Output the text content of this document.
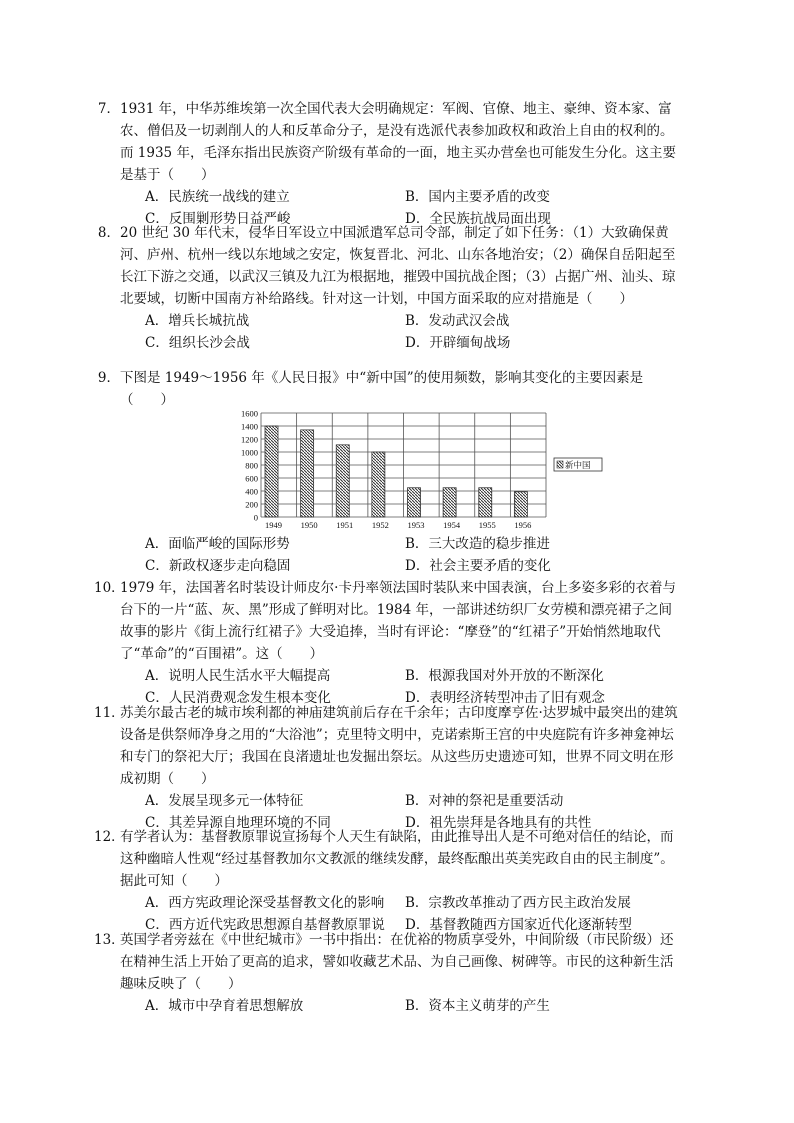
7．1931 年，中华苏维埃第一次全国代表大会明确规定：军阀、官僚、地主、豪绅、资本家、富农、僧侣及一切剥削人的人和反革命分子，是没有选派代表参加政权和政治上自由的权利的。而 1935 年，毛泽东指出民族资产阶级有革命的一面，地主买办营垒也可能发生分化。这主要是基于（　　）
A．民族统一战线的建立	B．国内主要矛盾的改变
C．反围剿形势日益严峻	D．全民族抗战局面出现
8．20 世纪 30 年代末，侵华日军设立中国派遣军总司令部，制定了如下任务：（1）大致确保黄河、庐州、杭州一线以东地域之安定，恢复晋北、河北、山东各地治安；（2）确保自岳阳起至长江下游之交通，以武汉三镇及九江为根据地，摧毁中国抗战企图；（3）占据广州、汕头、琼北要域，切断中国南方补给路线。针对这一计划，中国方面采取的应对措施是（　　）
A．增兵长城抗战	B．发动武汉会战
C．组织长沙会战	D．开辟缅甸战场
9．下图是 1949～1956 年《人民日报》中“新中国”的使用频数，影响其变化的主要因素是（　　）
0
200
400
600
800
1000
1200
1400
1600
1949 1950 1951 1952 1953 1954 1955 1956
新中国
A．面临严峻的国际形势	B．三大改造的稳步推进
C．新政权逐步走向稳固	D．社会主要矛盾的变化
10．1979 年，法国著名时装设计师皮尔·卡丹率领法国时装队来中国表演，台上多姿多彩的衣着与台下的一片“蓝、灰、黑”形成了鲜明对比。1984 年，一部讲述纺织厂女劳模和漂亮裙子之间故事的影片《街上流行红裙子》大受追捧，当时有评论：“摩登”的“红裙子”开始悄然地取代了“革命”的“百围裙”。这（　　）
A．说明人民生活水平大幅提高	B．根源我国对外开放的不断深化
C．人民消费观念发生根本变化	D．表明经济转型冲击了旧有观念
11．苏美尔最古老的城市埃利都的神庙建筑前后存在千余年；古印度摩亨佐·达罗城中最突出的建筑设备是供祭师净身之用的“大浴池”；克里特文明中，克诺索斯王宫的中央庭院有许多神龛神坛和专门的祭祀大厅；我国在良渚遗址也发掘出祭坛。从这些历史遗迹可知，世界不同文明在形成初期（　　）
A．发展呈现多元一体特征	B．对神的祭祀是重要活动
C．其差异源自地理环境的不同	D．祖先崇拜是各地具有的共性
12．有学者认为：基督教原罪说宣扬每个人天生有缺陷，由此推导出人是不可绝对信任的结论，而这种幽暗人性观“经过基督教加尔文教派的继续发酵，最终酝酿出英美宪政自由的民主制度”。据此可知（　　）
A．西方宪政理论深受基督教文化的影响 B．宗教改革推动了西方民主政治发展
C．西方近代宪政思想源自基督教原罪说 D．基督教随西方国家近代化逐渐转型
13．英国学者旁兹在《中世纪城市》一书中指出：在优裕的物质享受外，中间阶级（市民阶级）还在精神生活上开始了更高的追求，譬如收藏艺术品、为自己画像、树碑等。市民的这种新生活趣味反映了（　　）
A．城市中孕育着思想解放	B．资本主义萌芽的产生
